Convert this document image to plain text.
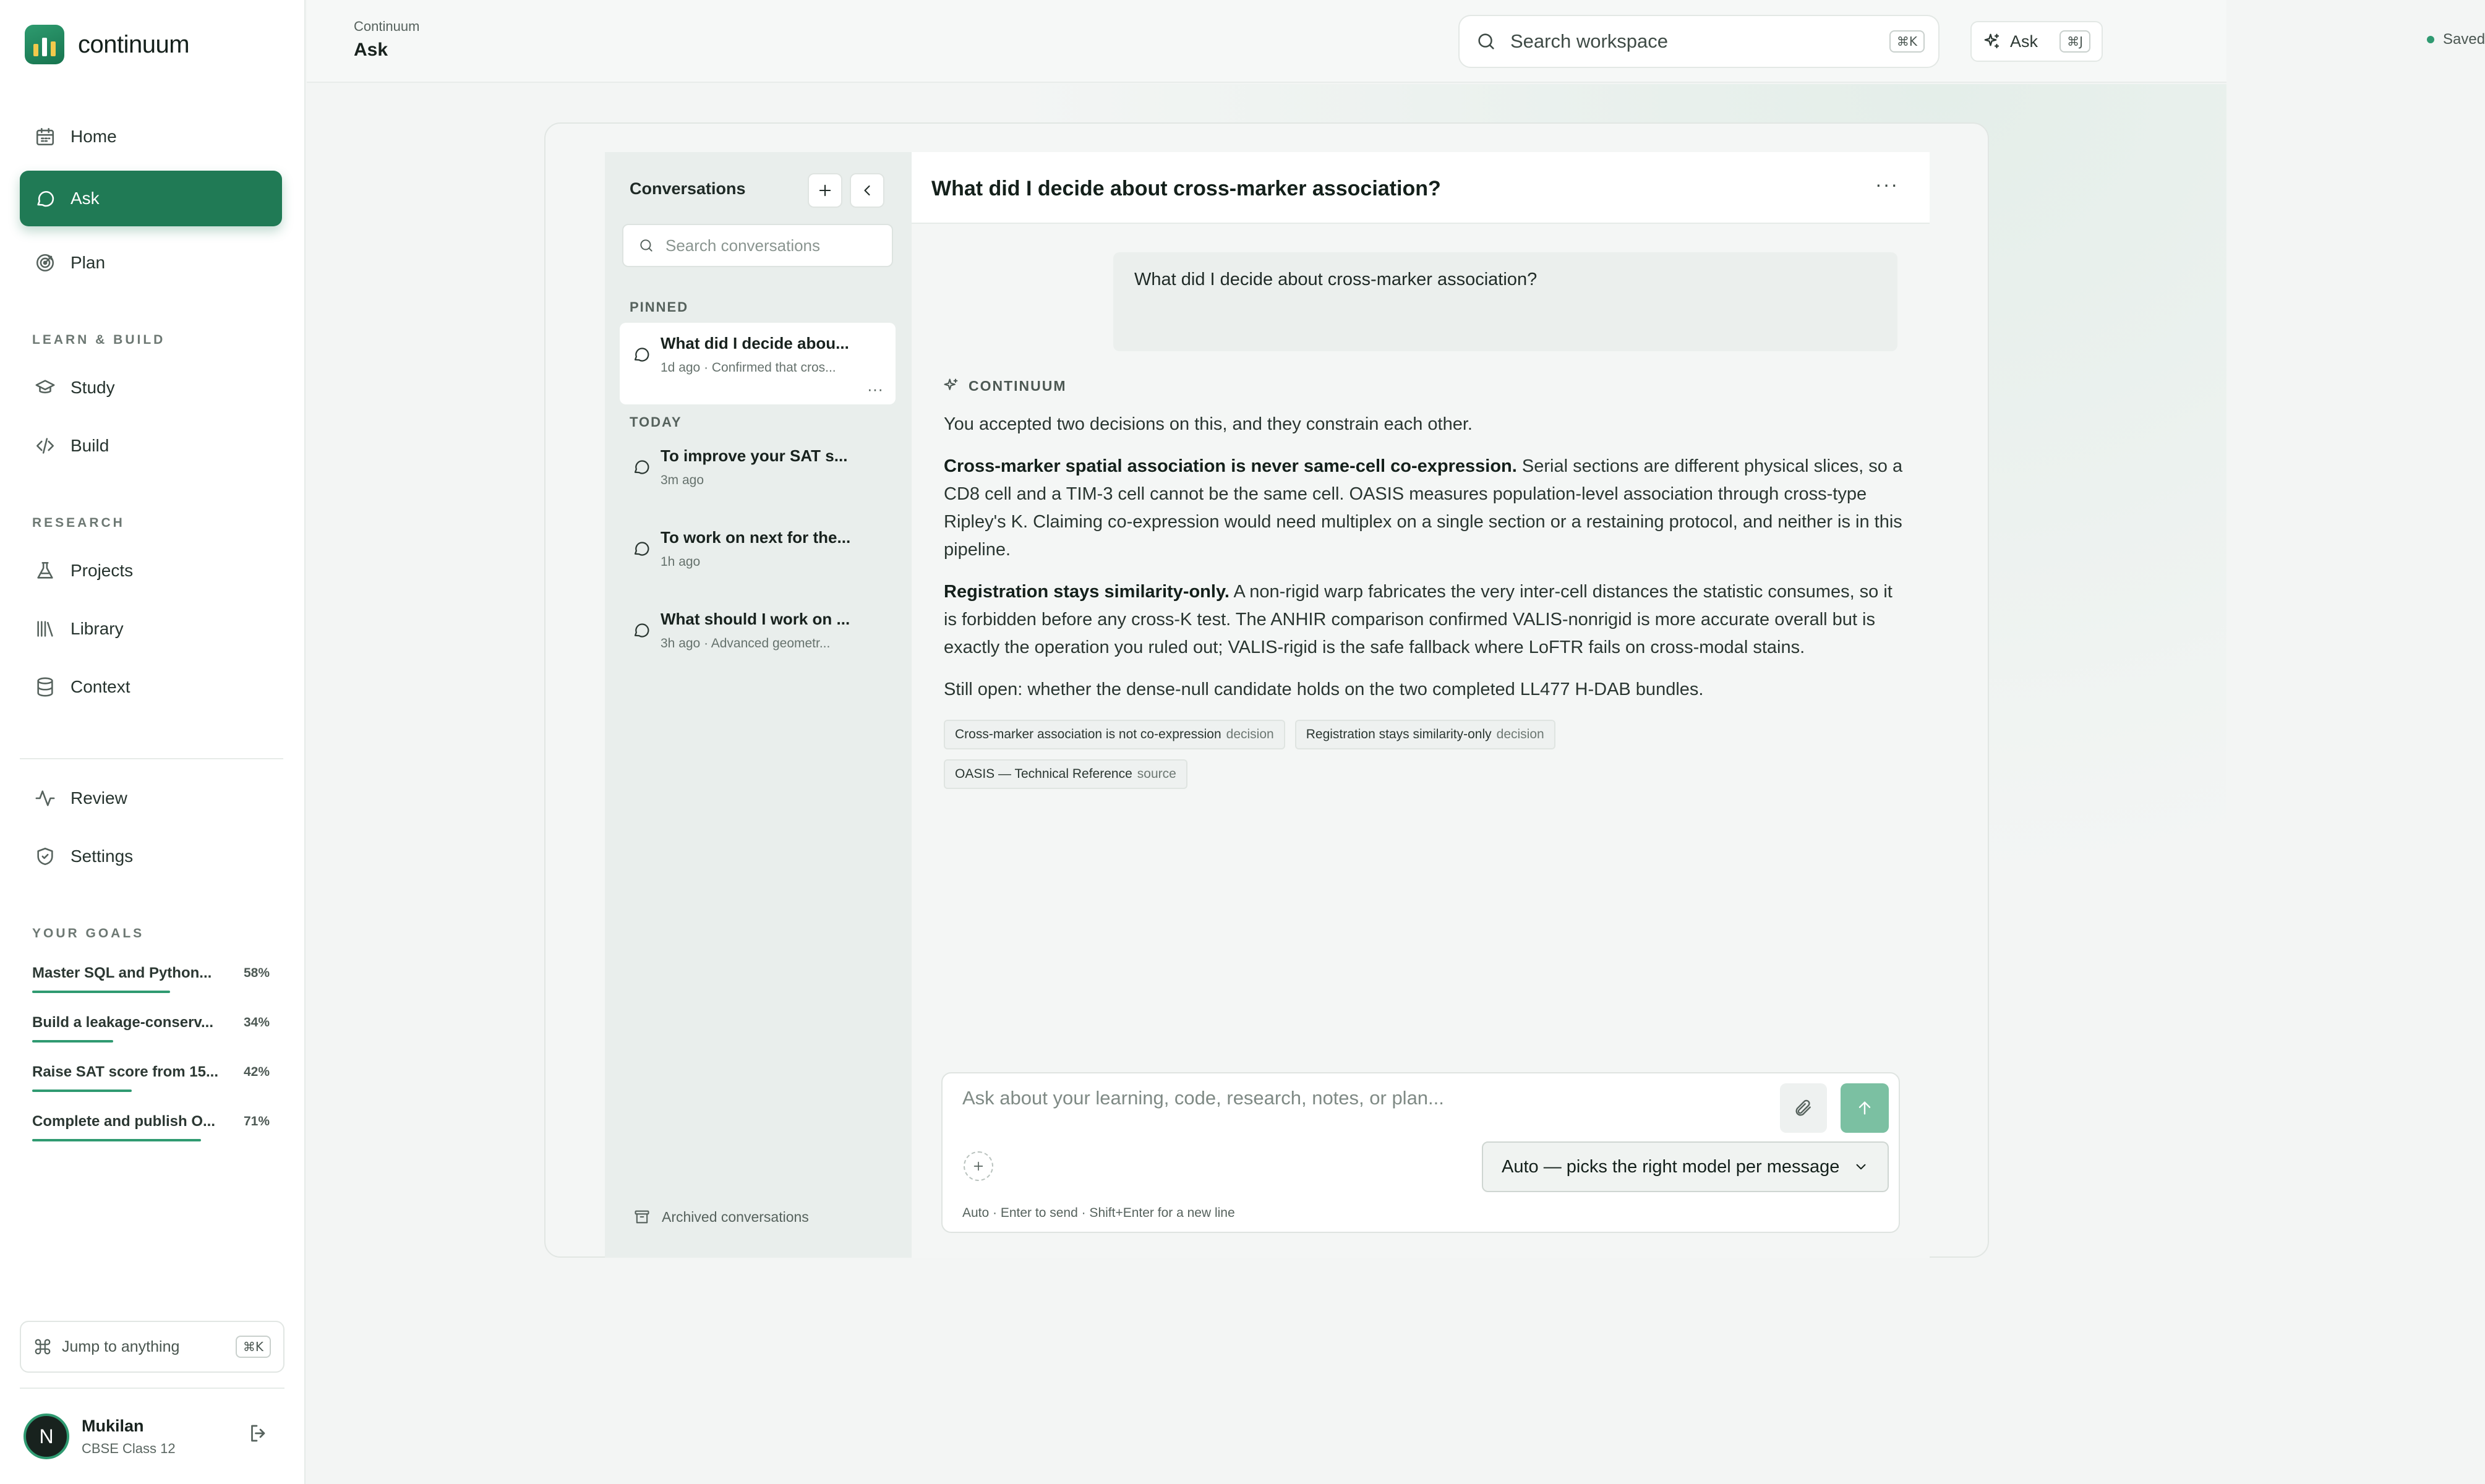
continuum
Home
Ask
Plan
LEARN & BUILD
Study
Build
RESEARCH
Projects
Library
Context
Review
Settings
YOUR GOALS
Master SQL and Python... 58%
Build a leakage-conserv... 34%
Raise SAT score from 15... 42%
Complete and publish O... 71%
Jump to anything	⌘K
N	Mukilan
CBSE Class 12
Continuum
Ask	Search workspace	⌘K	Ask	⌘J	Saved
Conversations
Search conversations
PINNED
What did I decide abou...
1d ago · Confirmed that cros...
···
TODAY
To improve your SAT s...
3m ago
To work on next for the...
1h ago
What should I work on ...
3h ago · Advanced geometr...
Archived conversations
What did I decide about cross-marker association?	···
What did I decide about cross-marker association?
CONTINUUM

You accepted two decisions on this, and they constrain each other.

Cross-marker spatial association is never same-cell co-expression. Serial sections are different physical slices, so a CD8 cell and a TIM-3 cell cannot be the same cell. OASIS measures population-level association through cross-type Ripley's K. Claiming co-expression would need multiplex on a single section or a restaining protocol, and neither is in this pipeline.

Registration stays similarity-only. A non-rigid warp fabricates the very inter-cell distances the statistic consumes, so it is forbidden before any cross-K test. The ANHIR comparison confirmed VALIS-nonrigid is more accurate overall but is exactly the operation you ruled out; VALIS-rigid is the safe fallback where LoFTR fails on cross-modal stains.

Still open: whether the dense-null candidate holds on the two completed LL477 H-DAB bundles.

Cross-marker association is not co-expression decision Registration stays similarity-only decision
OASIS — Technical Reference source
Ask about your learning, code, research, notes, or plan...
Auto — picks the right model per message
Auto · Enter to send · Shift+Enter for a new line
